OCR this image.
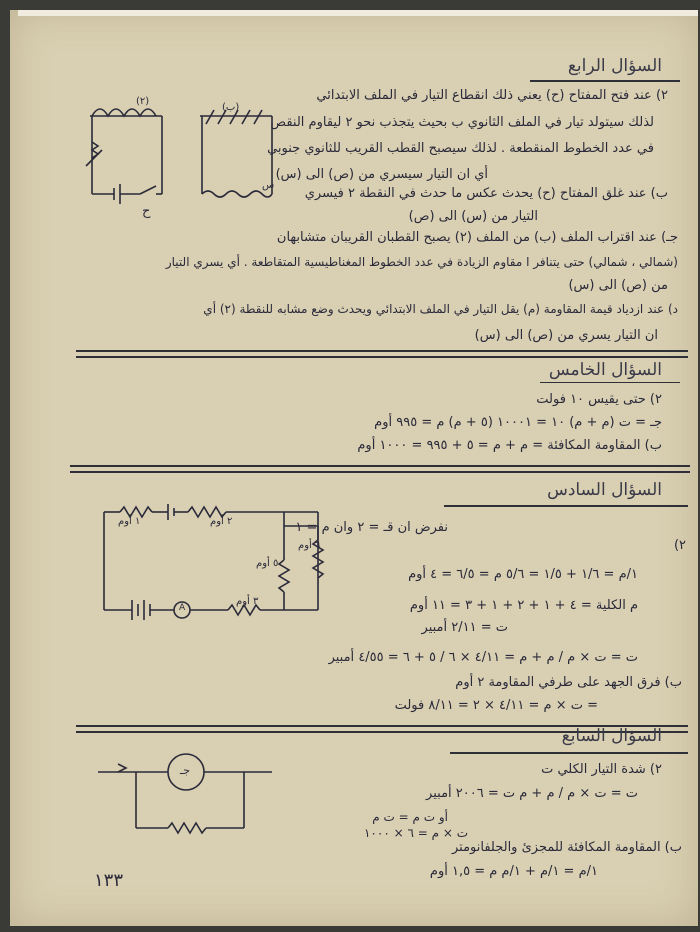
السؤال الرابع
٢) عند فتح المفتاح (ح) يعني ذلك انقطاع التيار في الملف الابتدائي
لذلك سيتولد تيار في الملف الثانوي ب بحيث يتجذب نحو ٢ ليقاوم النقص
في عدد الخطوط المنقطعة . لذلك سيصبح القطب القريب للثانوي جنوبي
أي ان التيار سيسري من (ص) الى (س)
ب) عند غلق المفتاح (ح) يحدث عكس ما حدث في النقطة ٢ فيسري
التيار من (س) الى (ص)
جـ) عند اقتراب الملف (ب) من الملف (٢) يصبح القطبان القريبان متشابهان
(شمالي ، شمالي) حتى يتنافر ا مقاوم الزيادة في عدد الخطوط المغناطيسية المتقاطعة . أي يسري التيار
من (ص) الى (س)
د) عند ازدياد قيمة المقاومة (م) يقل التيار في الملف الابتدائي ويحدث وضع مشابه للنقطة (٢) أي
ان التيار يسري من (ص) الى (س)
(٢)
(ب)
ح
س
السؤال الخامس
٢) حتى يقيس ١٠ فولت
جـ = ت (م + م) ١٠ = ١٠٠٠١ (٥ + م) م = ٩٩٥ أوم
ب) المقاومة المكافئة = م + م = ٥ + ٩٩٥ = ١٠٠٠ أوم
السؤال السادس
نفرض ان قـ = ٢ وان م = ١
٢)
١/م = ١/٦ + ١/٥ = ٥/٦ م = ٦/٥ = ٤ أوم
م الكلية = ٤ + ١ + ٢ + ١ + ٣ = ١١ أوم
ت = ٢/١١ أمبير
ت = ت × م / م + م = ٤/١١ × ٦ / ٥ + ٦ = ٤/٥٥ أمبير
ب) فرق الجهد على طرفي المقاومة ٢ أوم
= ت × م = ٤/١١ × ٢ = ٨/١١ فولت
١ أوم	٢ أوم
٥ أوم
٦ أوم
٣ أوم
A
السؤال السابع
٢) شدة التيار الكلي ت
ت = ت × م / م + م ت = ٢٠٠٦ أمبير
أو ت م = ت م
ت × م = ٦ × ١٠٠٠
ب) المقاومة المكافئة للمجزئ والجلفانومتر
١/م = ١/م + ١/م م = ١,٥ أوم
جـ
١٣٣
